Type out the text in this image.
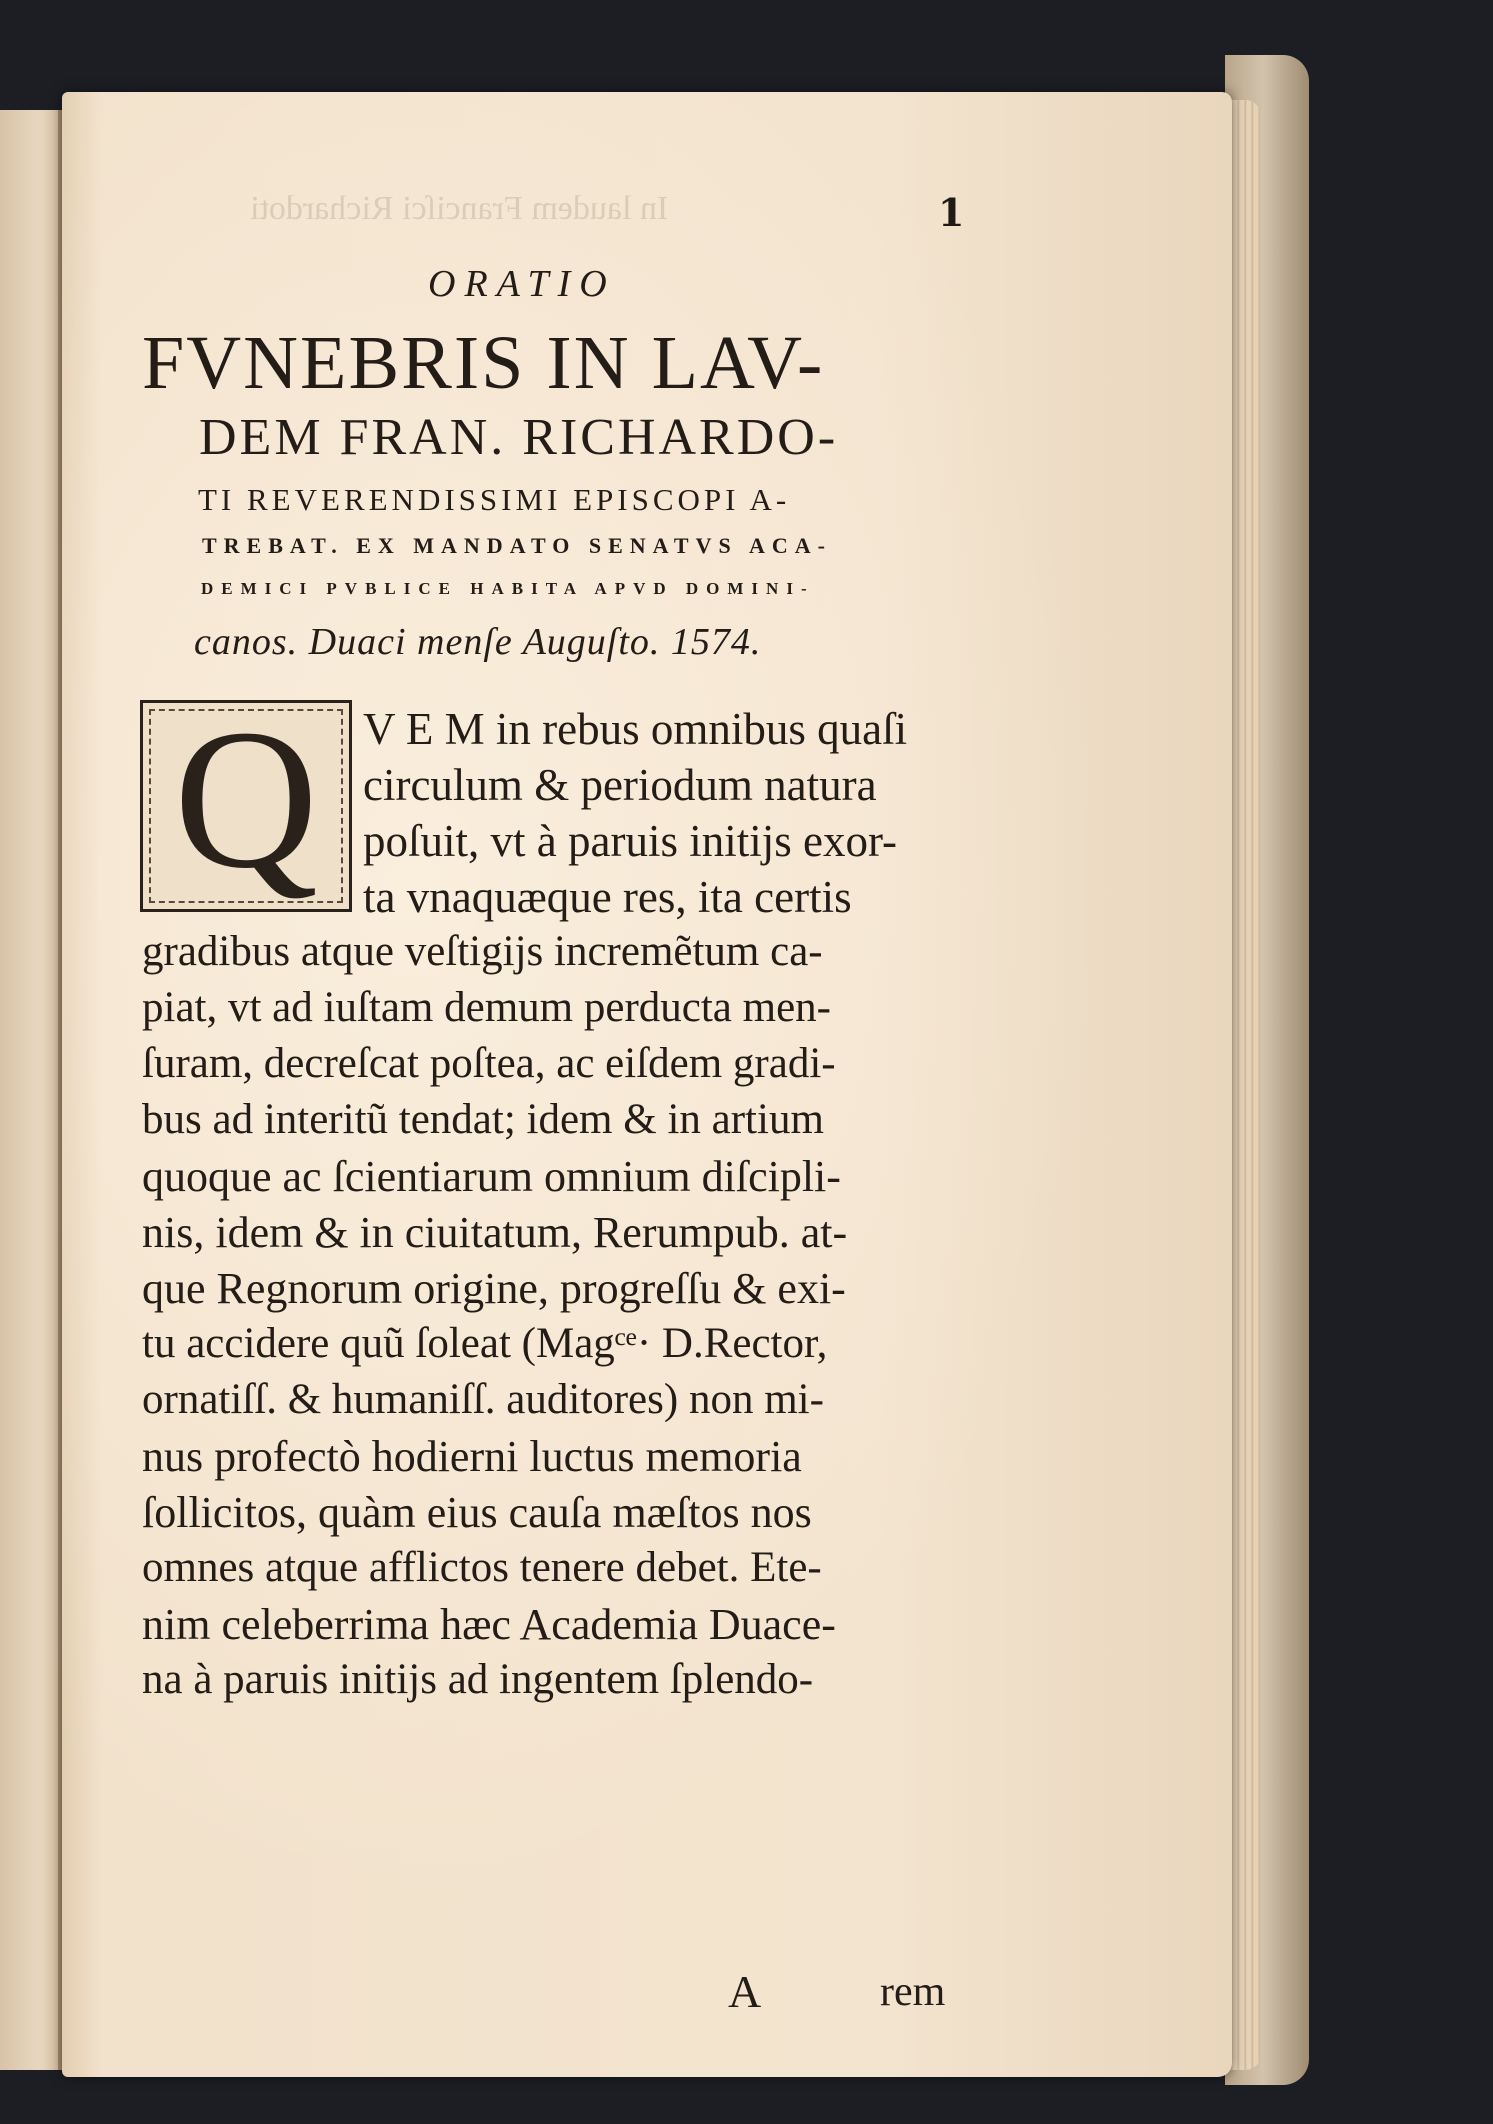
In laudem Franciſci Richardoti	1
ORATIO
FVNEBRIS IN LAV-
DEM FRAN. RICHARDO-
TI REVERENDISSIMI EPISCOPI A-
TREBAT. EX MANDATO SENATVS ACA-
DEMICI PVBLICE HABITA APVD DOMINI-
canos. Duaci menſe Auguſto. 1574.
Q V E M in rebus omnibus quaſi
circulum & periodum natura
poſuit, vt à paruis initijs exor-
ta vnaquæque res, ita certis
gradibus atque veſtigijs incremẽtum ca-
piat, vt ad iuſtam demum perducta men-
ſuram, decreſcat poſtea, ac eiſdem gradi-
bus ad interitũ tendat; idem & in artium
quoque ac ſcientiarum omnium diſcipli-
nis, idem & in ciuitatum, Rerumpub. at-
que Regnorum origine, progreſſu & exi-
tu accidere quũ ſoleat (Magᶜᵉ· D.Rector,
ornatiſſ. & humaniſſ. auditores) non mi-
nus profectò hodierni luctus memoria
ſollicitos, quàm eius cauſa mæſtos nos
omnes atque afflictos tenere debet. Ete-
nim celeberrima hæc Academia Duace-
na à paruis initijs ad ingentem ſplendo-
A	rem
